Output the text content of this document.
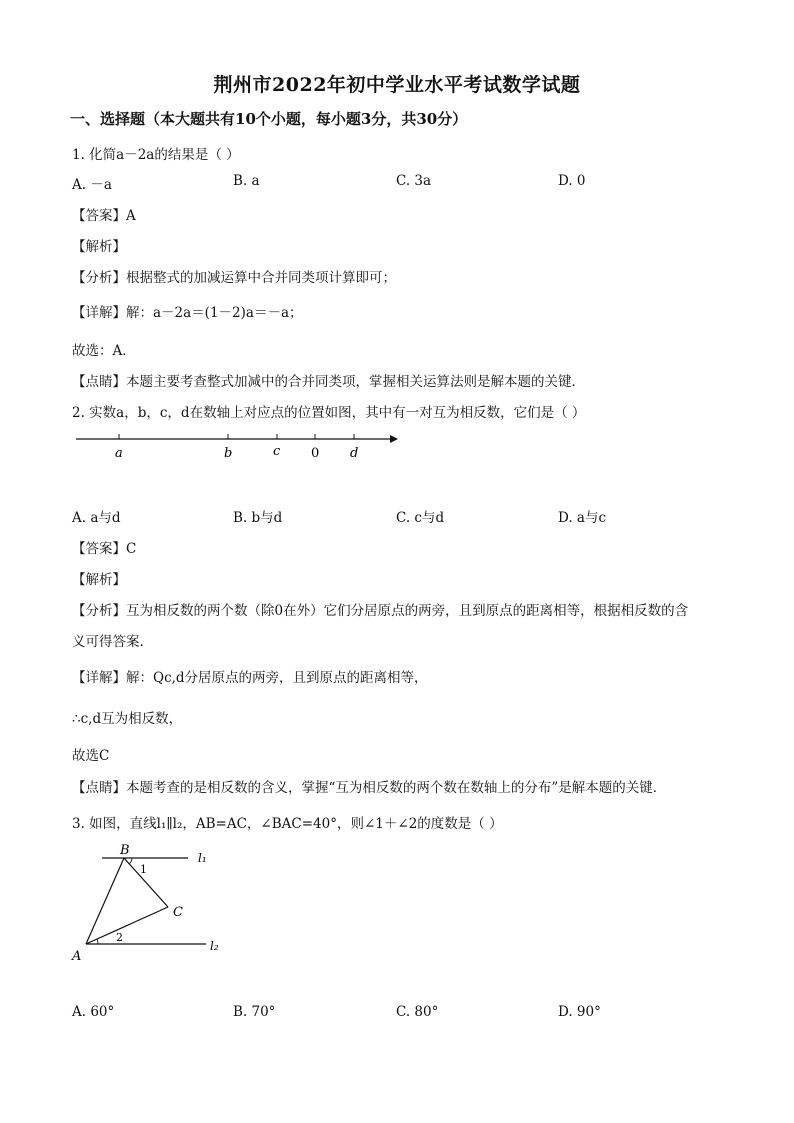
荆州市2022年初中学业水平考试数学试题
一、选择题（本大题共有10个小题，每小题3分，共30分）
1. 化简a－2a的结果是（ ）
A. －a	B. a	C. 3a	D. 0
【答案】A
【解析】
【分析】根据整式的加减运算中合并同类项计算即可；
【详解】解：a－2a＝(1－2)a＝－a；
故选：A．
【点睛】本题主要考查整式加减中的合并同类项，掌握相关运算法则是解本题的关键．
2. 实数a，b，c，d在数轴上对应点的位置如图，其中有一对互为相反数，它们是（ ）
a	b	c 0 d
A. a与d	B. b与d	C. c与d	D. a与c
【答案】C
【解析】
【分析】互为相反数的两个数（除0在外）它们分居原点的两旁，且到原点的距离相等，根据相反数的含
义可得答案．
【详解】解：Qc,d分居原点的两旁，且到原点的距离相等，
∴c,d互为相反数，
故选C
【点睛】本题考查的是相反数的含义，掌握“互为相反数的两个数在数轴上的分布”是解本题的关键．
3. 如图，直线l₁∥l₂，AB=AC，∠BAC=40°，则∠1＋∠2的度数是（ ）
B
1
l₁
C
2
A
l₂
A. 60°	B. 70°	C. 80°	D. 90°
